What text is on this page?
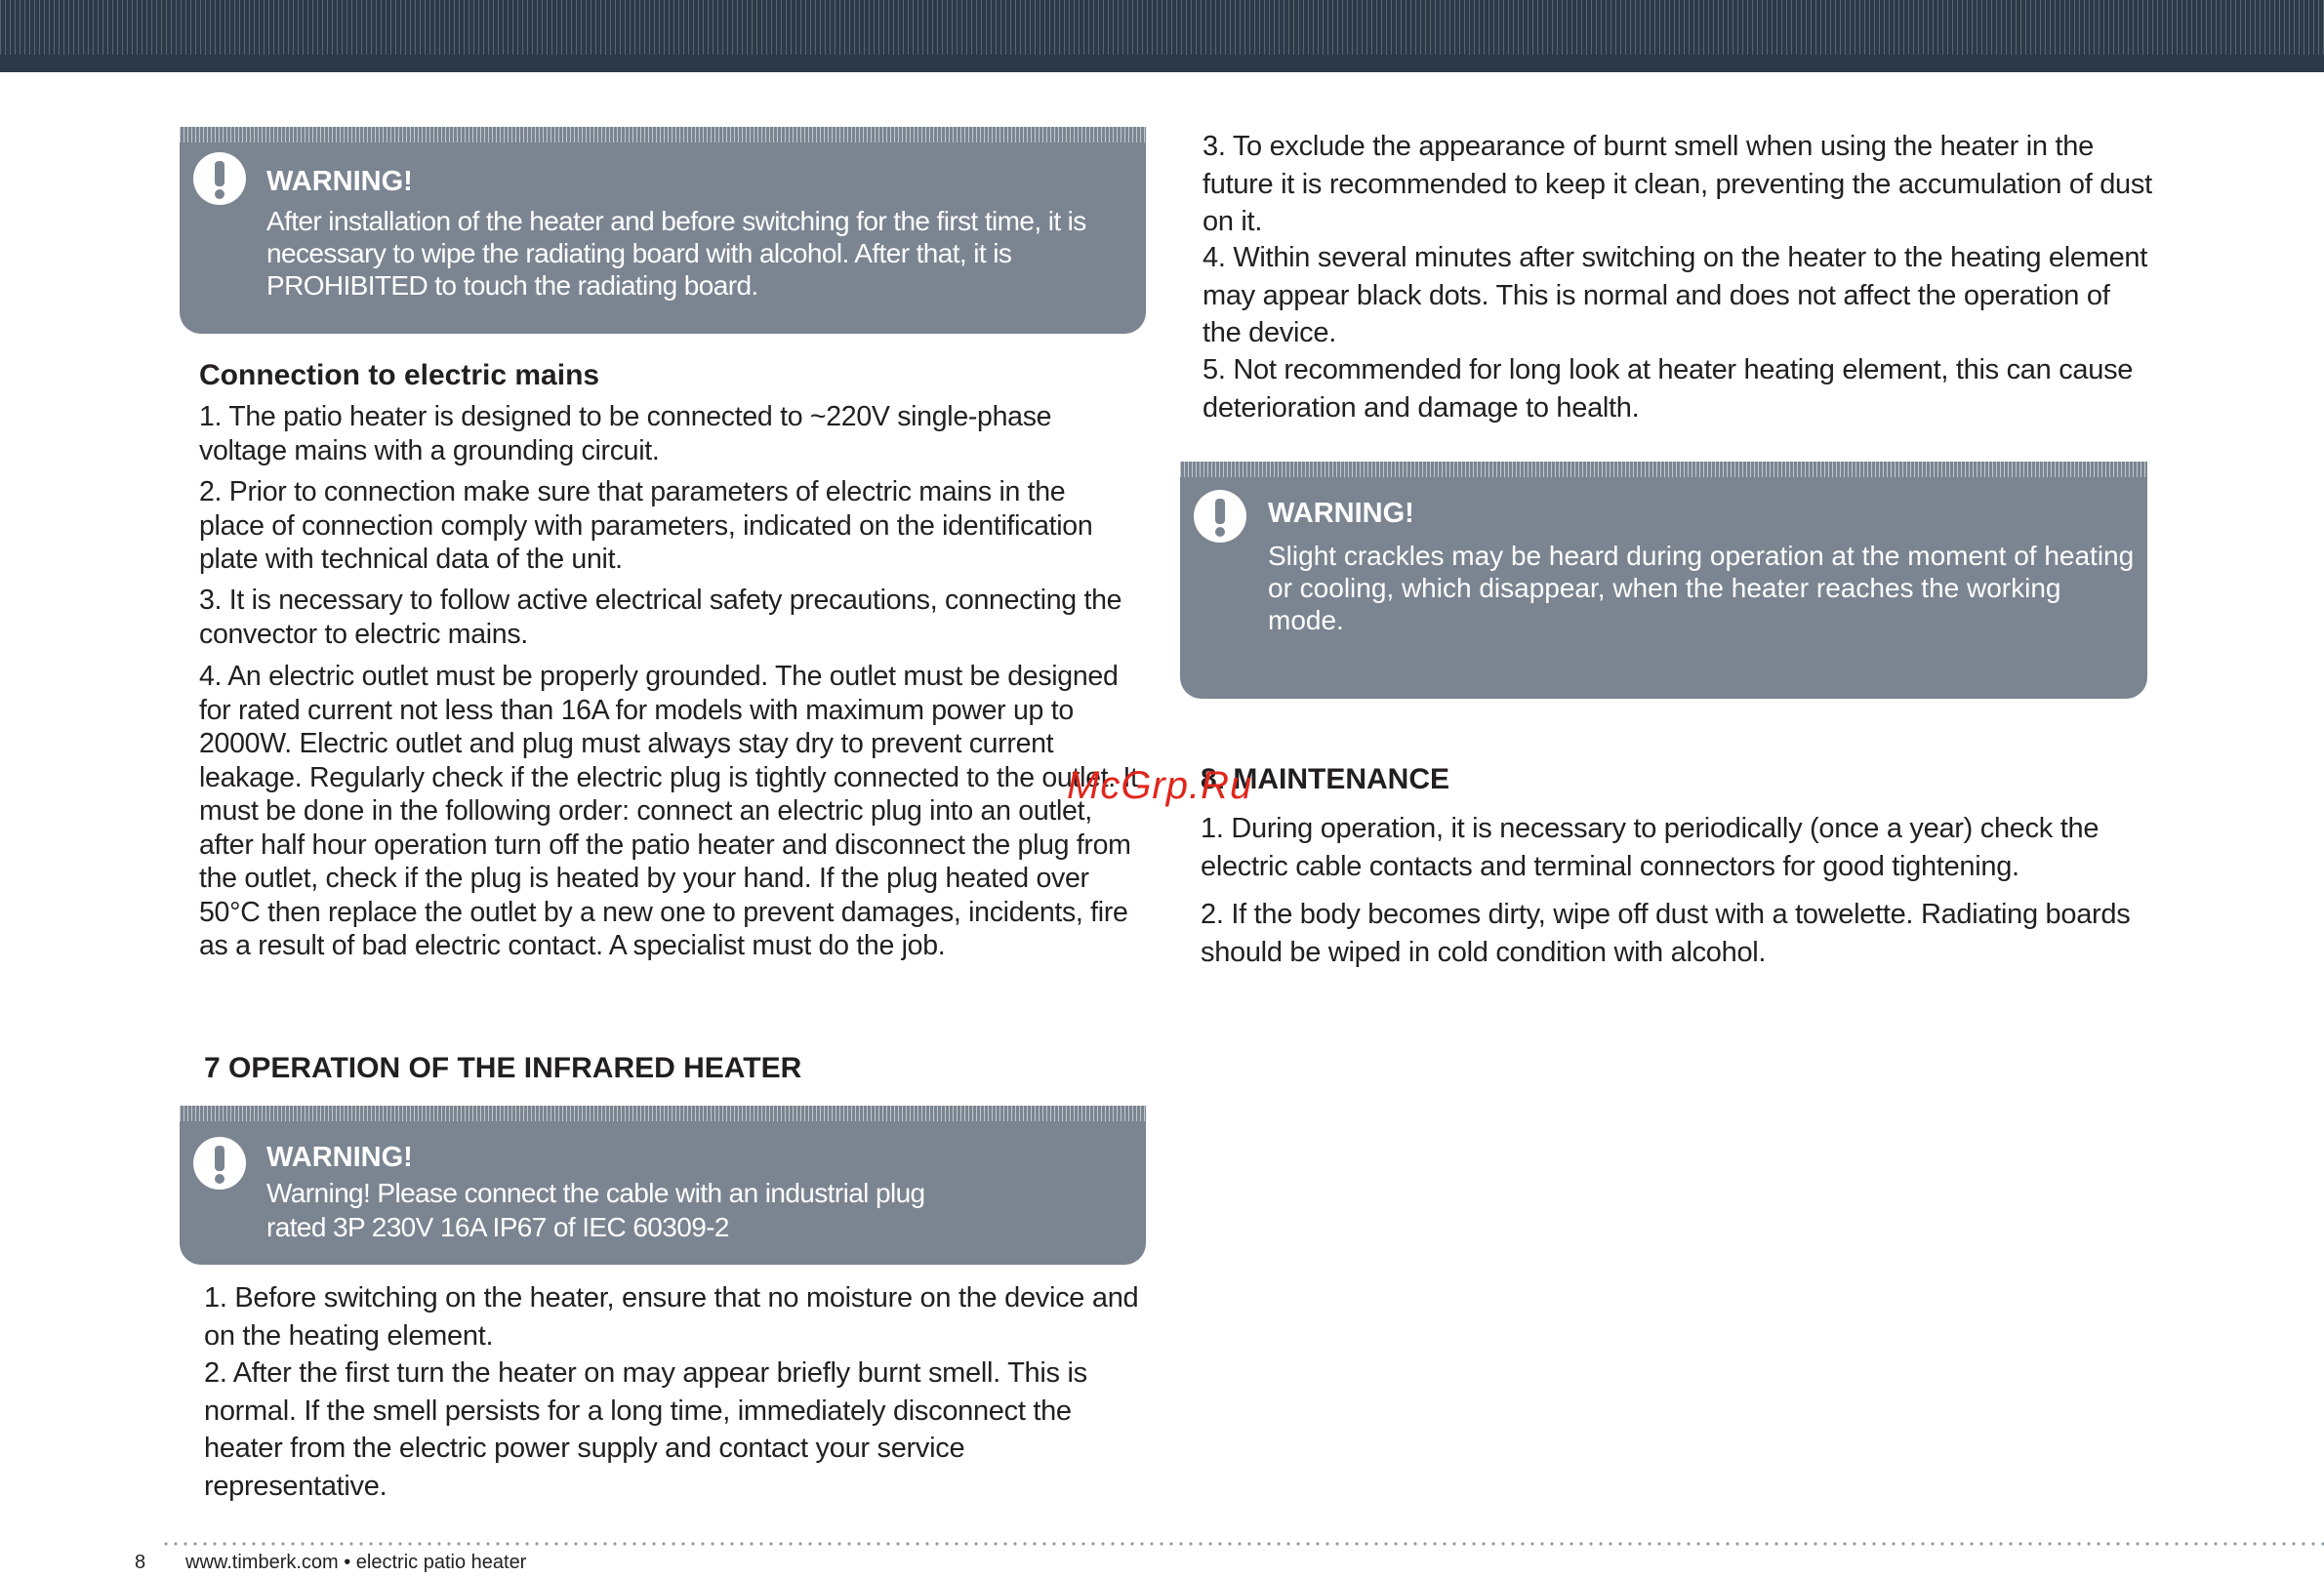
WARNING!
After installation of the heater and before switching for the first time, it is necessary to wipe the radiating board with alcohol. After that, it is PROHIBITED to touch the radiating board.
Connection to electric mains
1. The patio heater is designed to be connected to ~220V single-phase voltage mains with a grounding circuit.
2. Prior to connection make sure that parameters of electric mains in the place of connection comply with parameters, indicated on the identification plate with technical data of the unit.
3. It is necessary to follow active electrical safety precautions, connecting the convector to electric mains.
4. An electric outlet must be properly grounded. The outlet must be designed for rated current not less than 16A for models with maximum power up to 2000W. Electric outlet and plug must always stay dry to prevent current leakage. Regularly check if the electric plug is tightly connected to the outlet. It must be done in the following order: connect an electric plug into an outlet, after half hour operation turn off the patio heater and disconnect the plug from the outlet, check if the plug is heated by your hand. If the plug heated over 50°C then replace the outlet by a new one to prevent damages, incidents, fire as a result of bad electric contact. A specialist must do the job.
7 OPERATION OF THE INFRARED HEATER
WARNING!
Warning! Please connect the cable with an industrial plug rated 3P 230V 16A IP67 of IEC 60309-2
1. Before switching on the heater, ensure that no moisture on the device and on the heating element.
2. After the first turn the heater on may appear briefly burnt smell. This is normal. If the smell persists for a long time, immediately disconnect the heater from the electric power supply and contact your service representative.
3. To exclude the appearance of burnt smell when using the heater in the future it is recommended to keep it clean, preventing the accumulation of dust on it.
4. Within several minutes after switching on the heater to the heating element may appear black dots. This is normal and does not affect the operation of the device.
5. Not recommended for long look at heater heating element, this can cause deterioration and damage to health.
WARNING!
Slight crackles may be heard during operation at the moment of heating or cooling, which disappear, when the heater reaches the working mode.
8. MAINTENANCE
1. During operation, it is necessary to periodically (once a year) check the electric cable contacts and terminal connectors for good tightening.
2. If the body becomes dirty, wipe off dust with a towelette. Radiating boards should be wiped in cold condition with alcohol.
McGrp.Ru
8 www.timberk.com • electric patio heater
